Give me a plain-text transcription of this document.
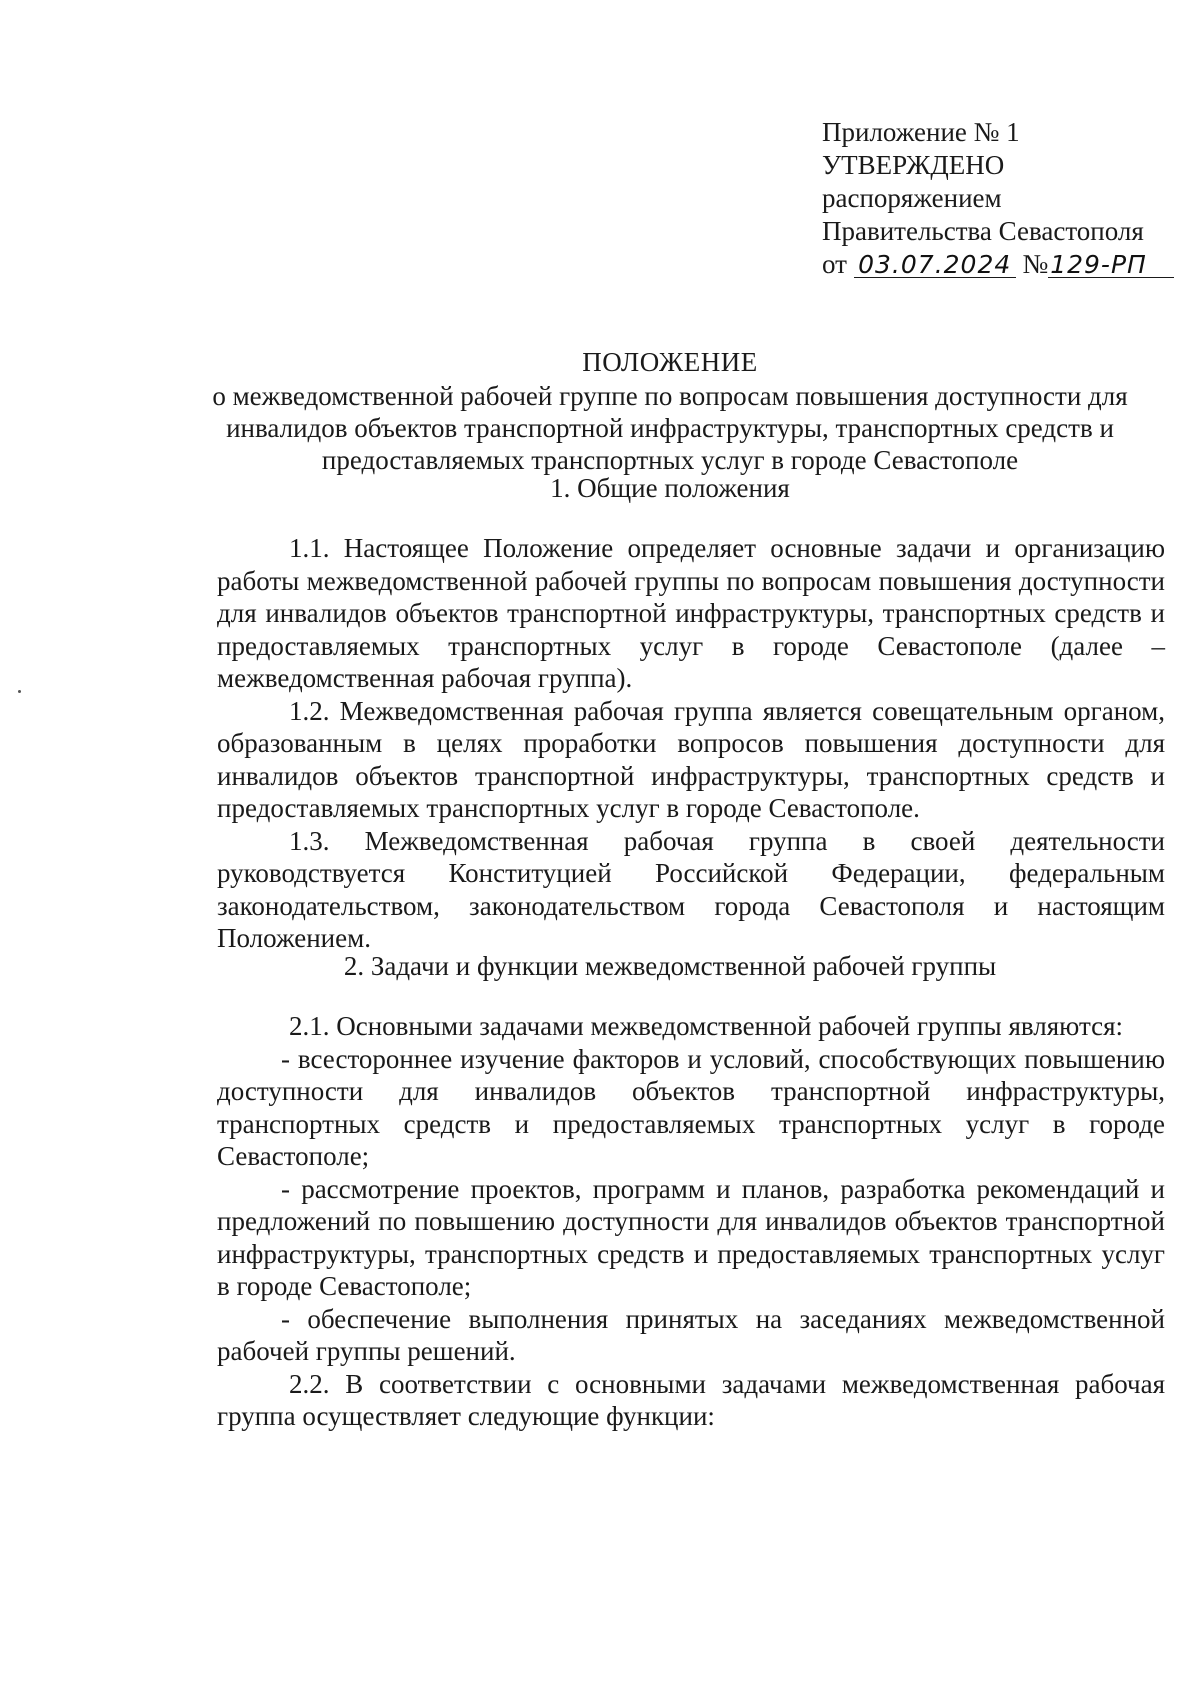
Приложение № 1
УТВЕРЖДЕНО
распоряжением
Правительства Севастополя
от 03.07.2024 №129-РП
ПОЛОЖЕНИЕ
о межведомственной рабочей группе по вопросам повышения доступности для инвалидов объектов транспортной инфраструктуры, транспортных средств и предоставляемых транспортных услуг в городе Севастополе
1. Общие положения

1.1. Настоящее Положение определяет основные задачи и организацию работы межведомственной рабочей группы по вопросам повышения доступности для инвалидов объектов транспортной инфраструктуры, транспортных средств и предоставляемых транспортных услуг в городе Севастополе (далее – межведомственная рабочая группа).

1.2. Межведомственная рабочая группа является совещательным органом, образованным в целях проработки вопросов повышения доступности для инвалидов объектов транспортной инфраструктуры, транспортных средств и предоставляемых транспортных услуг в городе Севастополе.

1.3. Межведомственная рабочая группа в своей деятельности руководствуется Конституцией Российской Федерации, федеральным законодательством, законодательством города Севастополя и настоящим Положением.

2. Задачи и функции межведомственной рабочей группы

2.1. Основными задачами межведомственной рабочей группы являются:

- всестороннее изучение факторов и условий, способствующих повышению доступности для инвалидов объектов транспортной инфраструктуры, транспортных средств и предоставляемых транспортных услуг в городе Севастополе;

- рассмотрение проектов, программ и планов, разработка рекомендаций и предложений по повышению доступности для инвалидов объектов транспортной инфраструктуры, транспортных средств и предоставляемых транспортных услуг в городе Севастополе;

- обеспечение выполнения принятых на заседаниях межведомственной рабочей группы решений.

2.2. В соответствии с основными задачами межведомственная рабочая группа осуществляет следующие функции:
